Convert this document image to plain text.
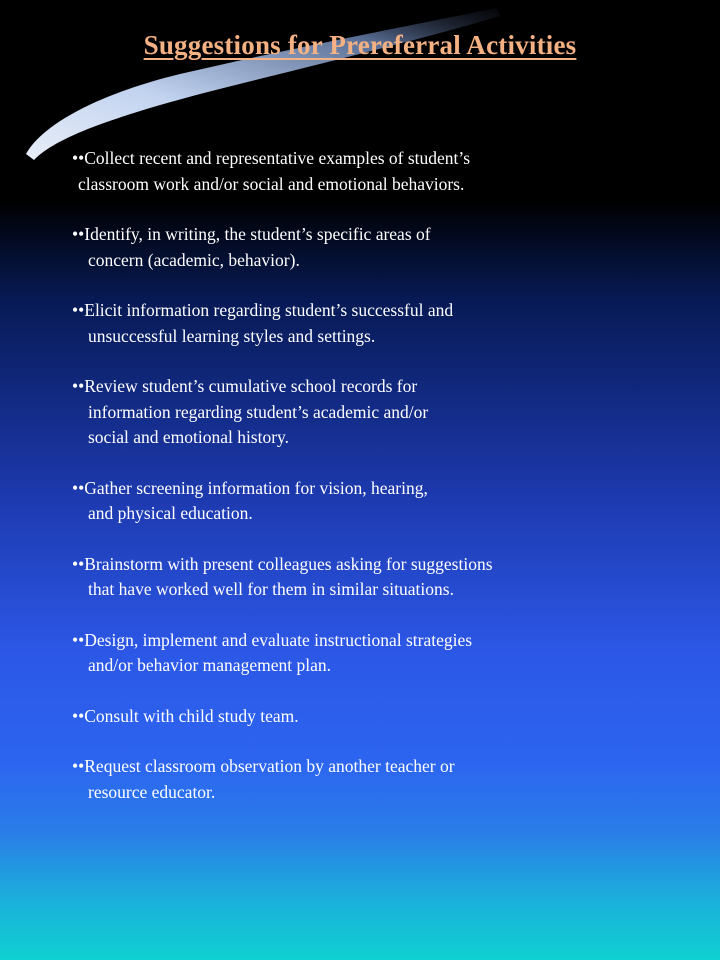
Suggestions for Prereferral Activities
••Collect recent and representative examples of student’s
classroom work and/or social and emotional behaviors.
••Identify, in writing, the student’s specific areas of
concern (academic, behavior).
••Elicit information regarding student’s successful and
unsuccessful learning styles and settings.
••Review student’s cumulative school records for
information regarding student’s academic and/or
social and emotional history.
••Gather screening information for vision, hearing,
and physical education.
••Brainstorm with present colleagues asking for suggestions
that have worked well for them in similar situations.
••Design, implement and evaluate instructional strategies
and/or behavior management plan.
••Consult with child study team.
••Request classroom observation by another teacher or
resource educator.
